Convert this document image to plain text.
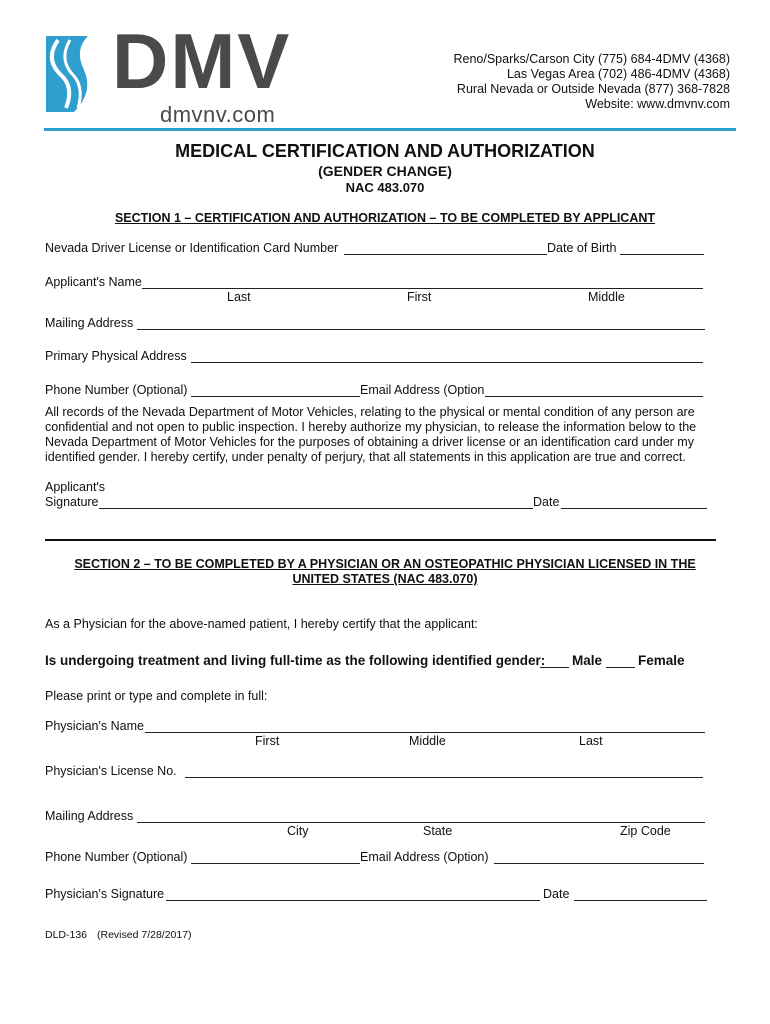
DMV
dmvnv.com
Reno/Sparks/Carson City (775) 684-4DMV (4368)
Las Vegas Area (702) 486-4DMV (4368)
Rural Nevada or Outside Nevada (877) 368-7828
Website: www.dmvnv.com
MEDICAL CERTIFICATION AND AUTHORIZATION
(GENDER CHANGE)
NAC 483.070
SECTION 1 – CERTIFICATION AND AUTHORIZATION – TO BE COMPLETED BY APPLICANT
Nevada Driver License or Identification Card Number	Date of Birth
Applicant's Name
Last	First	Middle
Mailing Address
Primary Physical Address
Phone Number (Optional)	Email Address (Option
All records of the Nevada Department of Motor Vehicles, relating to the physical or mental condition of any person are confidential and not open to public inspection. I hereby authorize my physician, to release the information below to the Nevada Department of Motor Vehicles for the purposes of obtaining a driver license or an identification card under my identified gender. I hereby certify, under penalty of perjury, that all statements in this application are true and correct.
Applicant's
Signature	Date
SECTION 2 – TO BE COMPLETED BY A PHYSICIAN OR AN OSTEOPATHIC PHYSICIAN LICENSED IN THE
UNITED STATES (NAC 483.070)
As a Physician for the above-named patient, I hereby certify that the applicant:
Is undergoing treatment and living full-time as the following identified gender: Male	Female
Please print or type and complete in full:
Physician's Name
First	Middle	Last
Physician's License No.
Mailing Address
City	State	Zip Code
Phone Number (Optional)	Email Address (Option)
Physician's Signature	Date
DLD-136 (Revised 7/28/2017)
